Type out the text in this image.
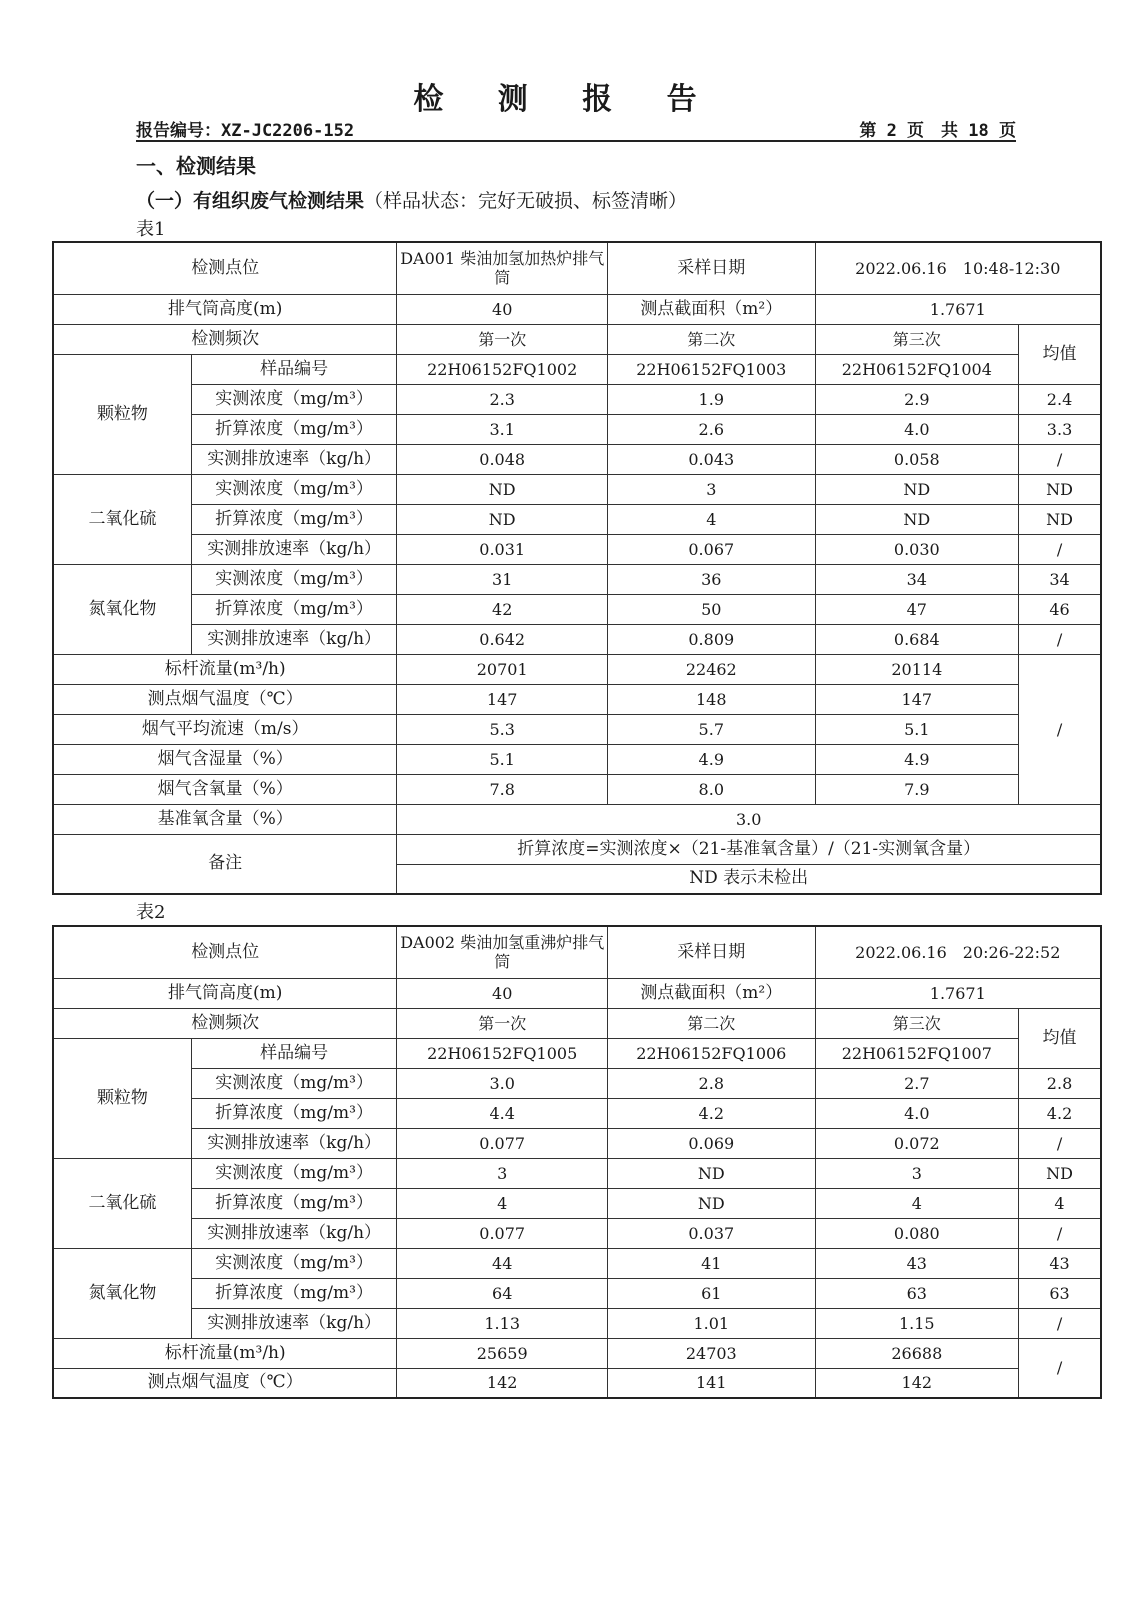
检 测 报 告
报告编号：XZ-JC2206-152	第 2 页　共 18 页
一、检测结果
（一）有组织废气检测结果（样品状态：完好无破损、标签清晰）
表1
检测点位		DA001 柴油加氢加热炉排气筒	采样日期	2022.06.16　10:48-12:30	
排气筒高度(m)		40	测点截面积（m²）	1.7671	
检测频次		第一次	第二次	第三次	均值
颗粒物	样品编号	22H06152FQ1002	22H06152FQ1003	22H06152FQ1004	
	实测浓度（mg/m³）	2.3	1.9	2.9	2.4
	折算浓度（mg/m³）	3.1	2.6	4.0	3.3
	实测排放速率（kg/h）	0.048	0.043	0.058	/
二氧化硫	实测浓度（mg/m³）	ND	3	ND	ND
	折算浓度（mg/m³）	ND	4	ND	ND
	实测排放速率（kg/h）	0.031	0.067	0.030	/
氮氧化物	实测浓度（mg/m³）	31	36	34	34
	折算浓度（mg/m³）	42	50	47	46
	实测排放速率（kg/h）	0.642	0.809	0.684	/
标杆流量(m³/h)		20701	22462	20114	/
测点烟气温度（℃）		147	148	147	
烟气平均流速（m/s）		5.3	5.7	5.1	
烟气含湿量（%）		5.1	4.9	4.9	
烟气含氧量（%）		7.8	8.0	7.9	
基准氧含量（%）		3.0			
备注		折算浓度=实测浓度×（21-基准氧含量）/（21-实测氧含量）			
		ND 表示未检出			
表2
检测点位		DA002 柴油加氢重沸炉排气筒	采样日期	2022.06.16　20:26-22:52	
排气筒高度(m)		40	测点截面积（m²）	1.7671	
检测频次		第一次	第二次	第三次	均值
颗粒物	样品编号	22H06152FQ1005	22H06152FQ1006	22H06152FQ1007	
	实测浓度（mg/m³）	3.0	2.8	2.7	2.8
	折算浓度（mg/m³）	4.4	4.2	4.0	4.2
	实测排放速率（kg/h）	0.077	0.069	0.072	/
二氧化硫	实测浓度（mg/m³）	3	ND	3	ND
	折算浓度（mg/m³）	4	ND	4	4
	实测排放速率（kg/h）	0.077	0.037	0.080	/
氮氧化物	实测浓度（mg/m³）	44	41	43	43
	折算浓度（mg/m³）	64	61	63	63
	实测排放速率（kg/h）	1.13	1.01	1.15	/
标杆流量(m³/h)		25659	24703	26688	/
测点烟气温度（℃）		142	141	142	
